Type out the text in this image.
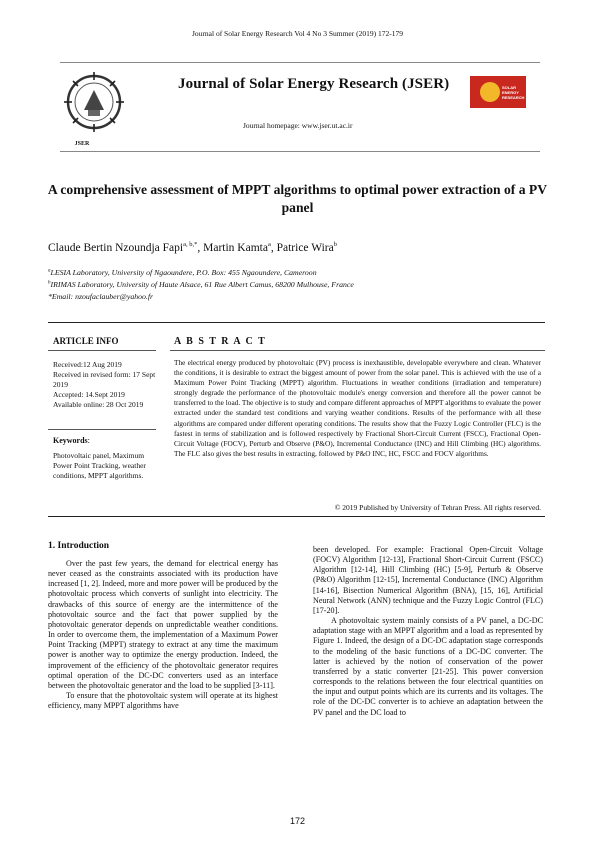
Journal of Solar Energy Research Vol 4 No 3 Summer (2019) 172-179
JSER
Journal of Solar Energy Research (JSER)
Journal homepage: www.jser.ut.ac.ir
SOLAR ENERGY RESEARCH
A comprehensive assessment of MPPT algorithms to optimal power extraction of a PV panel
Claude Bertin Nzoundja Fapi$^{a, b,*}$, Martin Kamta$^a$, Patrice Wira$^b$
$^a$LESIA Laboratory, University of Ngaoundere, P.O. Box: 455 Ngaoundere, Cameroon
$^b$IRIMAS Laboratory, University of Haute Alsace, 61 Rue Albert Camus, 68200 Mulhouse, France
*Email: nzoufaclauber@yahoo.fr
ARTICLE INFO	A B S T R A C T
Received:12 Aug 2019
Received in revised form: 17 Sept 2019
Accepted: 14.Sept 2019
Available online: 28 Oct 2019
Keywords:
Photovoltaic panel, Maximum Power Point Tracking, weather conditions, MPPT algorithms.
The electrical energy produced by photovoltaic (PV) process is inexhaustible, developable everywhere and clean. Whatever the conditions, it is desirable to extract the biggest amount of power from the solar panel. This is achieved with the use of a Maximum Power Point Tracking (MPPT) algorithm. Fluctuations in weather conditions (irradiation and temperature) strongly degrade the performance of the photovoltaic module's energy conversion and therefore all the power cannot be transferred to the load. The objective is to study and compare different approaches of MPPT algorithms to evaluate the power extracted under the standard test conditions and varying weather conditions. Results of the performance with all these algorithms are compared under different operating conditions. The results show that the Fuzzy Logic Controller (FLC) is the fastest in terms of stabilization and is followed respectively by Fractional Short-Circuit Current (FSCC), Fractional Open-Circuit Voltage (FOCV), Perturb and Observe (P&O), Incremental Conductance (INC) and Hill Climbing (HC) algorithms. The FLC also gives the best results in extracting, followed by P&O INC, HC, FSCC and FOCV algorithms.
© 2019 Published by University of Tehran Press. All rights reserved.
1. Introduction

Over the past few years, the demand for electrical energy has never ceased as the constraints associated with its production have increased [1, 2]. Indeed, more and more power will be produced by the photovoltaic process which converts of sunlight into electricity. The drawbacks of this source of energy are the intermittence of the photovoltaic source and the fact that power supplied by the photovoltaic generator depends on unpredictable weather conditions. In order to overcome them, the implementation of a Maximum Power Point Tracking (MPPT) strategy to extract at any time the maximum power is another way to optimize the energy production. Indeed, the improvement of the efficiency of the photovoltaic generator requires optimal operation of the DC-DC converters used as an interface between the photovoltaic generator and the load to be supplied [3-11].

To ensure that the photovoltaic system will operate at its highest efficiency, many MPPT algorithms have

been developed. For example: Fractional Open-Circuit Voltage (FOCV) Algorithm [12-13], Fractional Short-Circuit Current (FSCC) Algorithm [12-14], Hill Climbing (HC) [5-9], Perturb & Observe (P&O) Algorithm [12-15], Incremental Conductance (INC) Algorithm [14-16], Bisection Numerical Algorithm (BNA), [15, 16], Artificial Neural Network (ANN) technique and the Fuzzy Logic Control (FLC) [17-20].

A photovoltaic system mainly consists of a PV panel, a DC-DC adaptation stage with an MPPT algorithm and a load as represented by Figure 1. Indeed, the design of a DC-DC adaptation stage corresponds to the modeling of the basic functions of a DC-DC converter. The latter is achieved by the notion of conservation of the power transferred by a static converter [21-25]. This power conversion corresponds to the relations between the four electrical quantities on the input and output points which are its currents and its voltages. The role of the DC-DC converter is to achieve an adaptation between the PV panel and the DC load to

172
